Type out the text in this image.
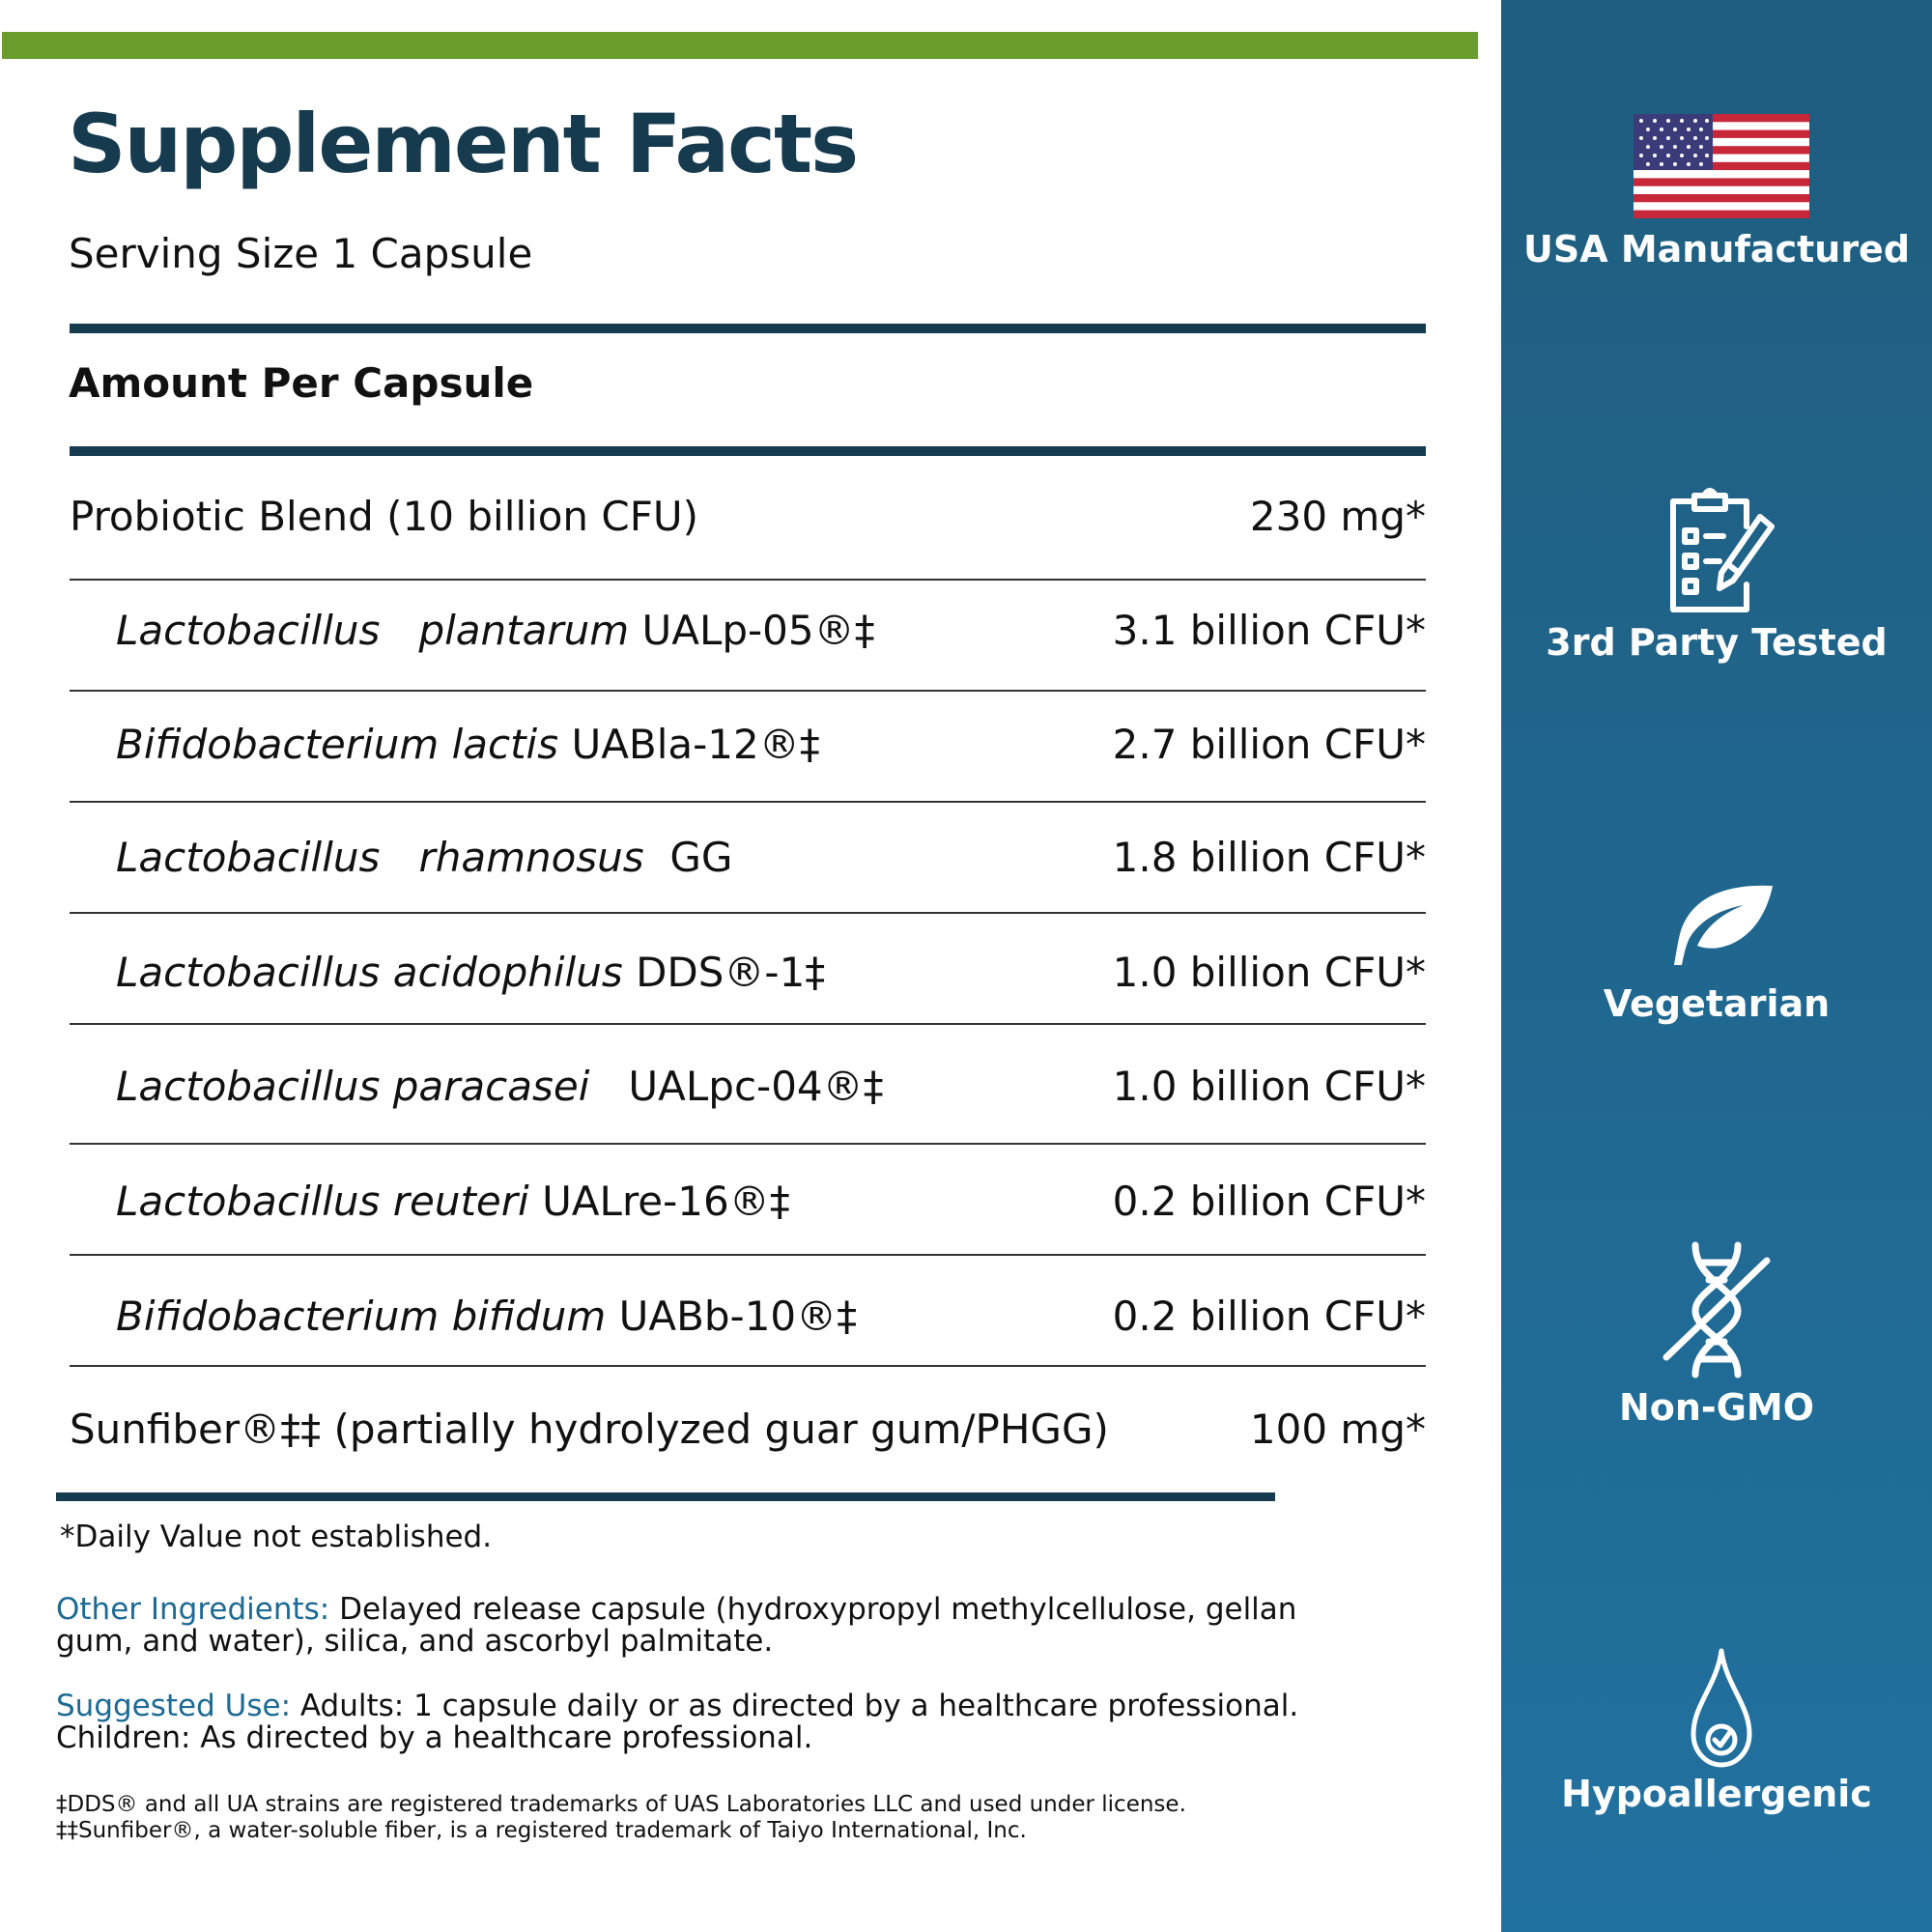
Supplement Facts
Serving Size 1 Capsule
Amount Per Capsule
Probiotic Blend (10 billion CFU)	230 mg*
Lactobacillus   plantarum UALp-05®‡	3.1 billion CFU*
Bifidobacterium lactis UABla-12®‡	2.7 billion CFU*
Lactobacillus   rhamnosus  GG	1.8 billion CFU*
Lactobacillus acidophilus DDS®-1‡	1.0 billion CFU*
Lactobacillus paracasei   UALpc-04®‡	1.0 billion CFU*
Lactobacillus reuteri UALre-16®‡	0.2 billion CFU*
Bifidobacterium bifidum UABb-10®‡	0.2 billion CFU*
Sunfiber®‡‡ (partially hydrolyzed guar gum/PHGG)	100 mg*
*Daily Value not established.
Other Ingredients: Delayed release capsule (hydroxypropyl methylcellulose, gellan gum, and water), silica, and ascorbyl palmitate.
Suggested Use: Adults: 1 capsule daily or as directed by a healthcare professional. Children: As directed by a healthcare professional.
‡DDS® and all UA strains are registered trademarks of UAS Laboratories LLC and used under license.
‡‡Sunfiber®, a water-soluble fiber, is a registered trademark of Taiyo International, Inc.
USA Manufactured
3rd Party Tested
Vegetarian
Non-GMO
Hypoallergenic
